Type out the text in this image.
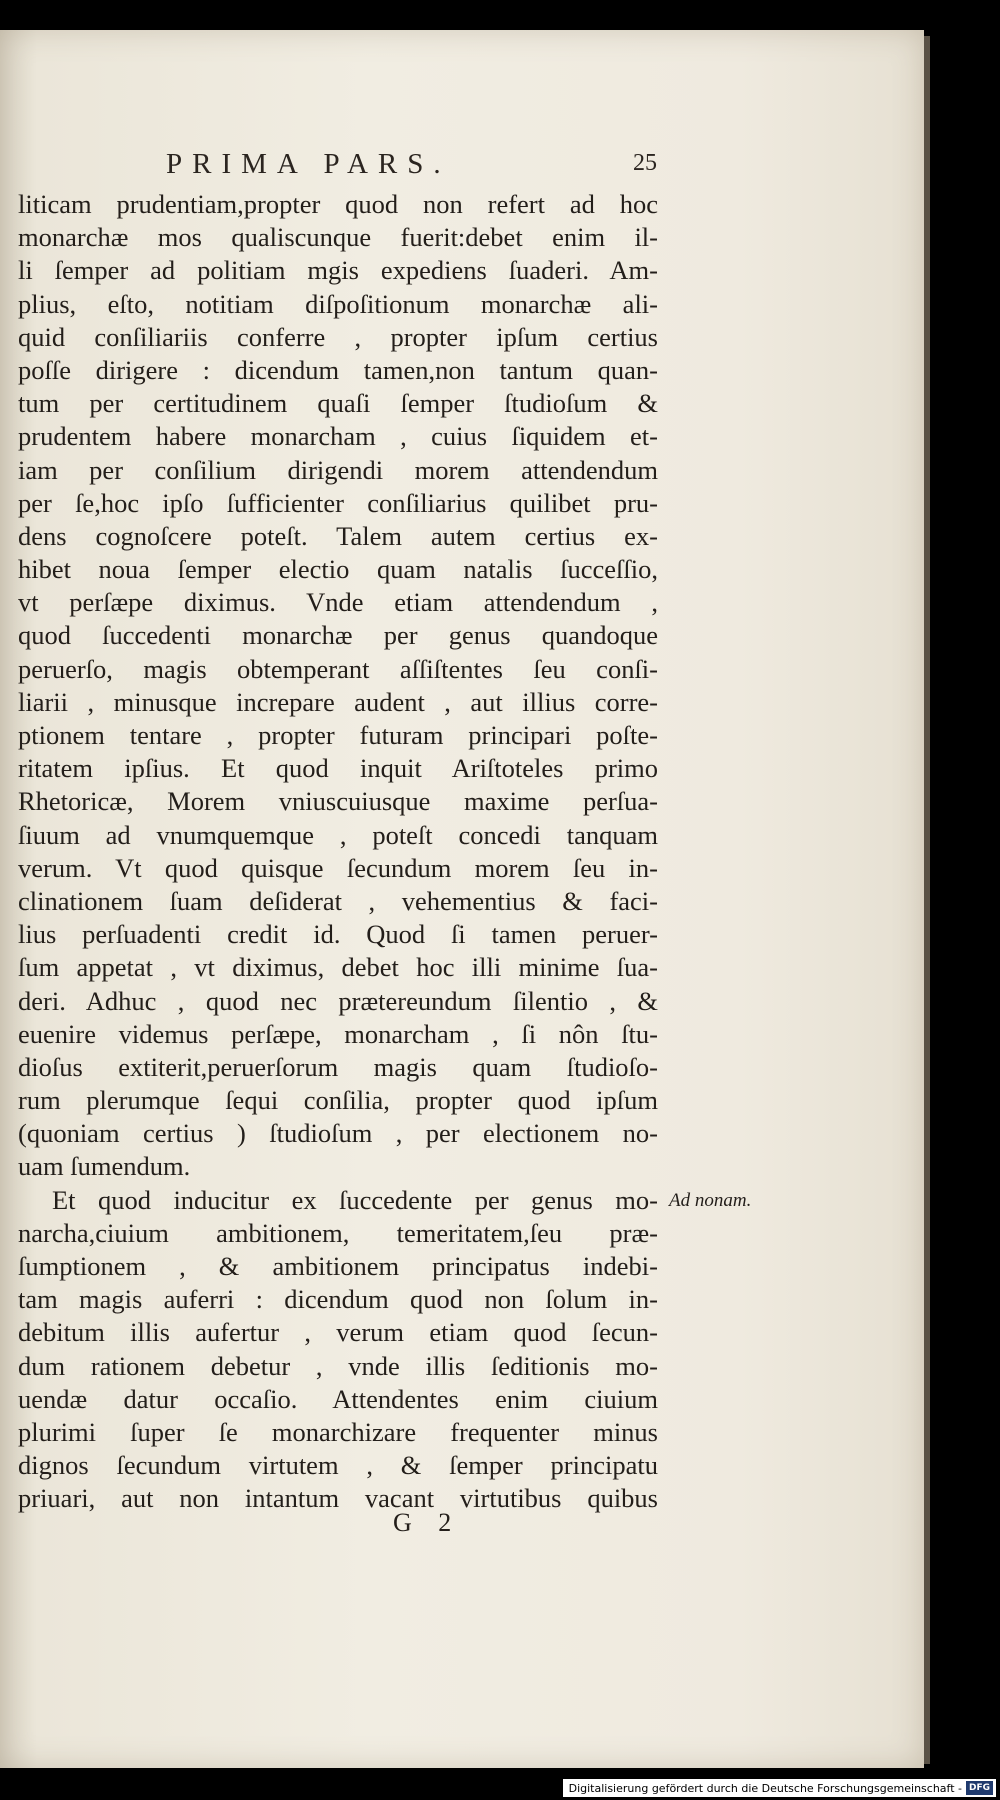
PRIMA PARS.	25
liticam prudentiam,propter quod non refert ad hoc
monarchæ mos qualiscunque fuerit:debet enim il-
li ſemper ad politiam mgis expediens ſuaderi. Am-
plius, eſto, notitiam diſpoſitionum monarchæ ali-
quid conſiliariis conferre , propter ipſum certius
poſſe dirigere : dicendum tamen,non tantum quan-
tum per certitudinem quaſi ſemper ſtudioſum &
prudentem habere monarcham , cuius ſiquidem et-
iam per conſilium dirigendi morem attendendum
per ſe,hoc ipſo ſufficienter conſiliarius quilibet pru-
dens cognoſcere poteſt. Talem autem certius ex-
hibet noua ſemper electio quam natalis ſucceſſio,
vt perſæpe diximus. Vnde etiam attendendum ,
quod ſuccedenti monarchæ per genus quandoque
peruerſo, magis obtemperant aſſiſtentes ſeu conſi-
liarii , minusque increpare audent , aut illius corre-
ptionem tentare , propter futuram principari poſte-
ritatem ipſius. Et quod inquit Ariſtoteles primo
Rhetoricæ, Morem vniuscuiusque maxime perſua-
ſiuum ad vnumquemque , poteſt concedi tanquam
verum. Vt quod quisque ſecundum morem ſeu in-
clinationem ſuam deſiderat , vehementius & faci-
lius perſuadenti credit id. Quod ſi tamen peruer-
ſum appetat , vt diximus, debet hoc illi minime ſua-
deri. Adhuc , quod nec prætereundum ſilentio , &
euenire videmus perſæpe, monarcham , ſi nôn ſtu-
dioſus extiterit,peruerſorum magis quam ſtudioſo-
rum plerumque ſequi conſilia, propter quod ipſum
(quoniam certius ) ſtudioſum , per electionem no-
uam ſumendum.
Et quod inducitur ex ſuccedente per genus mo-
narcha,ciuium ambitionem, temeritatem,ſeu præ-
ſumptionem , & ambitionem principatus indebi-
tam magis auferri : dicendum quod non ſolum in-
debitum illis aufertur , verum etiam quod ſecun-
dum rationem debetur , vnde illis ſeditionis mo-
uendæ datur occaſio. Attendentes enim ciuium
plurimi ſuper ſe monarchizare frequenter minus
dignos ſecundum virtutem , & ſemper principatu
priuari, aut non intantum vacant virtutibus quibus
Ad nonam.
G 2
Digitalisierung gefördert durch die Deutsche Forschungsgemeinschaft - DFG
